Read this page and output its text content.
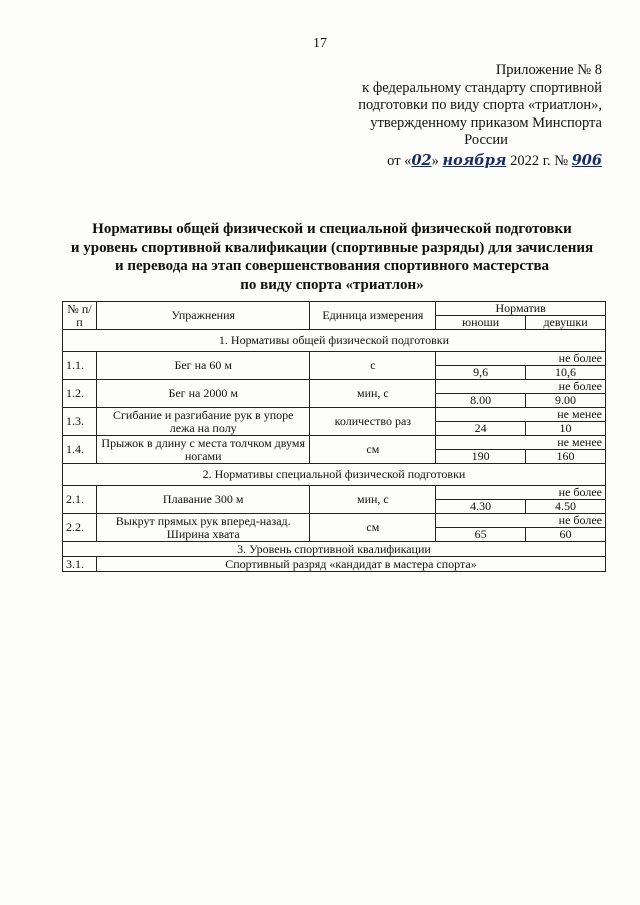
17
Приложение № 8
к федеральному стандарту спортивной
подготовки по виду спорта «триатлон»,
утвержденному приказом Минспорта
России
от «02» ноября 2022 г. № 906
Нормативы общей физической и специальной физической подготовки
и уровень спортивной квалификации (спортивные разряды) для зачисления
и перевода на этап совершенствования спортивного мастерства
по виду спорта «триатлон»
№ п/п	Упражнения	Единица измерения	Норматив	
			юноши	девушки
1. Нормативы общей физической подготовки				
1.1.	Бег на 60 м	с	не более	
			9,6	10,6
1.2.	Бег на 2000 м	мин, с	не более	
			8.00	9.00
1.3.	Сгибание и разгибание рук в упоре лежа на полу	количество раз	не менее	
			24	10
1.4.	Прыжок в длину с места толчком двумя ногами	см	не менее	
			190	160
2. Нормативы специальной физической подготовки				
2.1.	Плавание 300 м	мин, с	не более	
			4.30	4.50
2.2.	Выкрут прямых рук вперед-назад. Ширина хвата	см	не более	
			65	60
3. Уровень спортивной квалификации				
3.1.	Спортивный разряд «кандидат в мастера спорта»			
